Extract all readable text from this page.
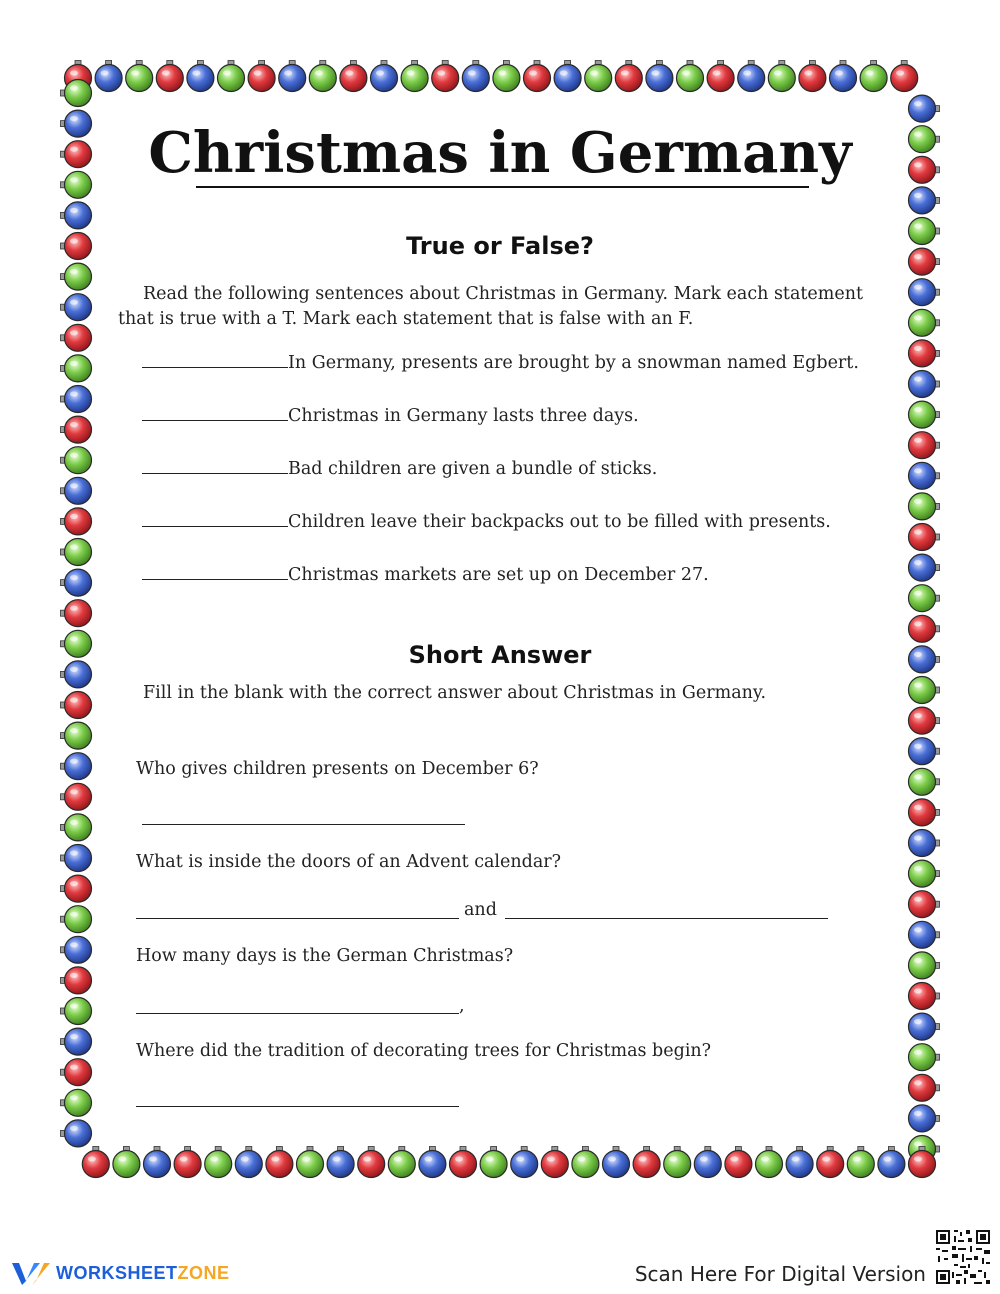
Christmas in Germany
True or False?
Read the following sentences about Christmas in Germany. Mark each statement that is true with a T. Mark each statement that is false with an F.
In Germany, presents are brought by a snowman named Egbert.
Christmas in Germany lasts three days.
Bad children are given a bundle of sticks.
Children leave their backpacks out to be filled with presents.
Christmas markets are set up on December 27.
Short Answer
Fill in the blank with the correct answer about Christmas in Germany.
Who gives children presents on December 6?
What is inside the doors of an Advent calendar?
and
How many days is the German Christmas?
,
Where did the tradition of decorating trees for Christmas begin?
WORKSHEETZONE	Scan Here For Digital Version
